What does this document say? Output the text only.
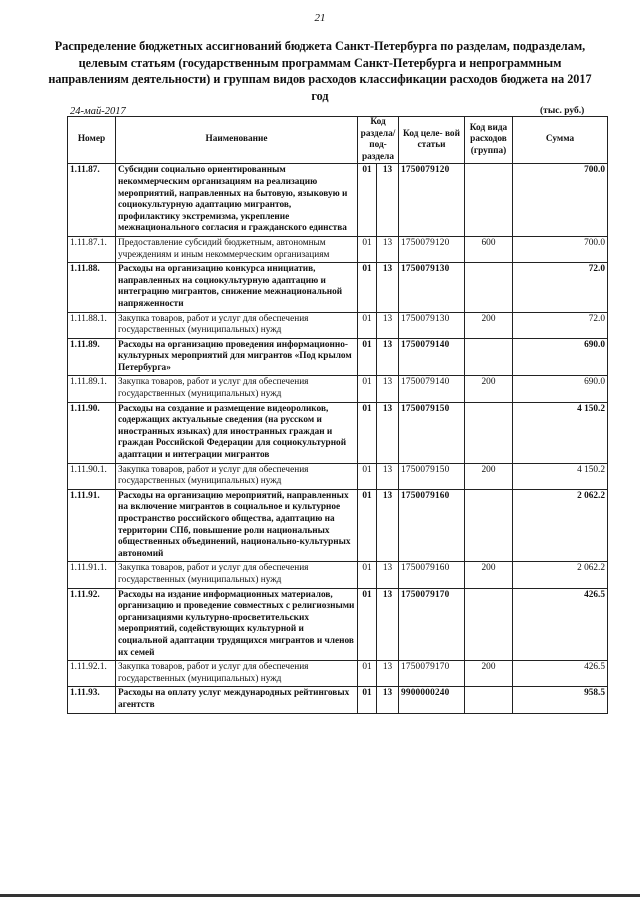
21
Распределение бюджетных ассигнований бюджета Санкт-Петербурга по разделам, подразделам, целевым статьям (государственным программам Санкт-Петербурга и непрограммным направлениям деятельности) и группам видов расходов классификации расходов бюджета на 2017 год
24-май-2017	(тыс. руб.)
Номер	Наименование	Код раздела/ под- раздела		Код целе- вой статьи	Код вида расходов (группа)	Сумма
1.11.87.	Субсидии социально ориентированным некоммерческим организациям на реализацию мероприятий, направленных на бытовую, языковую и социокультурную адаптацию мигрантов, профилактику экстремизма, укрепление межнационального согласия и гражданского единства	01	13	1750079120		700.0
1.11.87.1.	Предоставление субсидий бюджетным, автономным учреждениям и иным некоммерческим организациям	01	13	1750079120	600	700.0
1.11.88.	Расходы на организацию конкурса инициатив, направленных на социокультурную адаптацию и интеграцию мигрантов, снижение межнациональной напряженности	01	13	1750079130		72.0
1.11.88.1.	Закупка товаров, работ и услуг для обеспечения государственных (муниципальных) нужд	01	13	1750079130	200	72.0
1.11.89.	Расходы на организацию проведения информационно-культурных мероприятий для мигрантов «Под крылом Петербурга»	01	13	1750079140		690.0
1.11.89.1.	Закупка товаров, работ и услуг для обеспечения государственных (муниципальных) нужд	01	13	1750079140	200	690.0
1.11.90.	Расходы на создание и размещение видеороликов, содержащих актуальные сведения (на русском и иностранных языках) для иностранных граждан и граждан Российской Федерации для социокультурной адаптации и интеграции мигрантов	01	13	1750079150		4 150.2
1.11.90.1.	Закупка товаров, работ и услуг для обеспечения государственных (муниципальных) нужд	01	13	1750079150	200	4 150.2
1.11.91.	Расходы на организацию мероприятий, направленных на включение мигрантов в социальное и культурное пространство российского общества, адаптацию на территории СПб, повышение роли национальных общественных объединений, национально-культурных автономий	01	13	1750079160		2 062.2
1.11.91.1.	Закупка товаров, работ и услуг для обеспечения государственных (муниципальных) нужд	01	13	1750079160	200	2 062.2
1.11.92.	Расходы на издание информационных материалов, организацию и проведение совместных с религиозными организациями культурно-просветительских мероприятий, содействующих культурной и социальной адаптации трудящихся мигрантов и членов их семей	01	13	1750079170		426.5
1.11.92.1.	Закупка товаров, работ и услуг для обеспечения государственных (муниципальных) нужд	01	13	1750079170	200	426.5
1.11.93.	Расходы на оплату услуг международных рейтинговых агентств	01	13	9900000240		958.5
